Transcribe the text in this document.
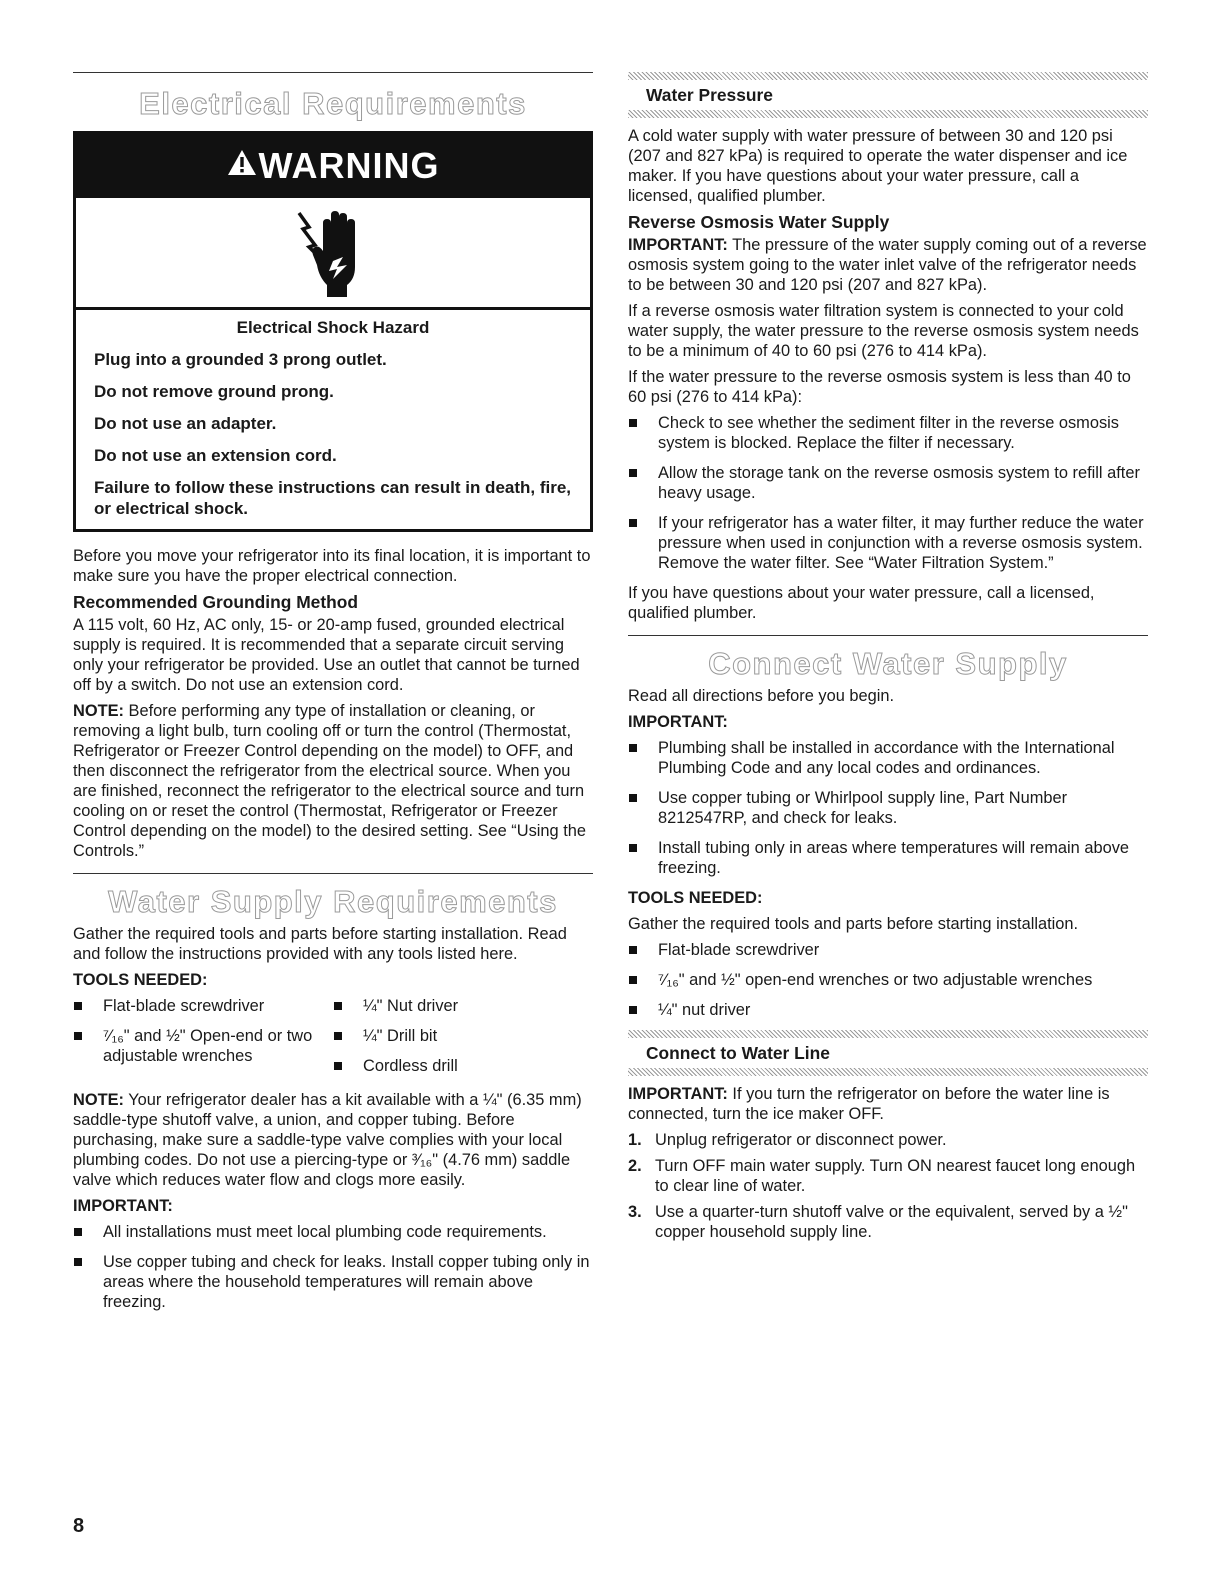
Electrical Requirements
WARNING
Electrical Shock Hazard
Plug into a grounded 3 prong outlet.
Do not remove ground prong.
Do not use an adapter.
Do not use an extension cord.
Failure to follow these instructions can result in death, fire, or electrical shock.

Before you move your refrigerator into its final location, it is important to make sure you have the proper electrical connection.

Recommended Grounding Method

A 115 volt, 60 Hz, AC only, 15- or 20-amp fused, grounded electrical supply is required. It is recommended that a separate circuit serving only your refrigerator be provided. Use an outlet that cannot be turned off by a switch. Do not use an extension cord.

NOTE: Before performing any type of installation or cleaning, or removing a light bulb, turn cooling off or turn the control (Thermostat, Refrigerator or Freezer Control depending on the model) to OFF, and then disconnect the refrigerator from the electrical source. When you are finished, reconnect the refrigerator to the electrical source and turn cooling on or reset the control (Thermostat, Refrigerator or Freezer Control depending on the model) to the desired setting. See “Using the Controls.”

Water Supply Requirements

Gather the required tools and parts before starting installation. Read and follow the instructions provided with any tools listed here.

TOOLS NEEDED:
Flat-blade screwdriver
⁷⁄₁₆" and ½" Open-end or two adjustable wrenches
¼" Nut driver
¼" Drill bit
Cordless drill

NOTE: Your refrigerator dealer has a kit available with a ¼" (6.35 mm) saddle-type shutoff valve, a union, and copper tubing. Before purchasing, make sure a saddle-type valve complies with your local plumbing codes. Do not use a piercing-type or ³⁄₁₆" (4.76 mm) saddle valve which reduces water flow and clogs more easily.

IMPORTANT:
All installations must meet local plumbing code requirements.
Use copper tubing and check for leaks. Install copper tubing only in areas where the household temperatures will remain above freezing.
Water Pressure

A cold water supply with water pressure of between 30 and 120 psi (207 and 827 kPa) is required to operate the water dispenser and ice maker. If you have questions about your water pressure, call a licensed, qualified plumber.

Reverse Osmosis Water Supply

IMPORTANT: The pressure of the water supply coming out of a reverse osmosis system going to the water inlet valve of the refrigerator needs to be between 30 and 120 psi (207 and 827 kPa).

If a reverse osmosis water filtration system is connected to your cold water supply, the water pressure to the reverse osmosis system needs to be a minimum of 40 to 60 psi (276 to 414 kPa).

If the water pressure to the reverse osmosis system is less than 40 to 60 psi (276 to 414 kPa):

Check to see whether the sediment filter in the reverse osmosis system is blocked. Replace the filter if necessary.
Allow the storage tank on the reverse osmosis system to refill after heavy usage.
If your refrigerator has a water filter, it may further reduce the water pressure when used in conjunction with a reverse osmosis system. Remove the water filter. See “Water Filtration System.”

If you have questions about your water pressure, call a licensed, qualified plumber.

Connect Water Supply

Read all directions before you begin.

IMPORTANT:
Plumbing shall be installed in accordance with the International Plumbing Code and any local codes and ordinances.
Use copper tubing or Whirlpool supply line, Part Number 8212547RP, and check for leaks.
Install tubing only in areas where temperatures will remain above freezing.
TOOLS NEEDED:

Gather the required tools and parts before starting installation.

Flat-blade screwdriver
⁷⁄₁₆" and ½" open-end wrenches or two adjustable wrenches
¼" nut driver
Connect to Water Line

IMPORTANT: If you turn the refrigerator on before the water line is connected, turn the ice maker OFF.

1. Unplug refrigerator or disconnect power.
2. Turn OFF main water supply. Turn ON nearest faucet long enough to clear line of water.
3. Use a quarter-turn shutoff valve or the equivalent, served by a ½" copper household supply line.
8
